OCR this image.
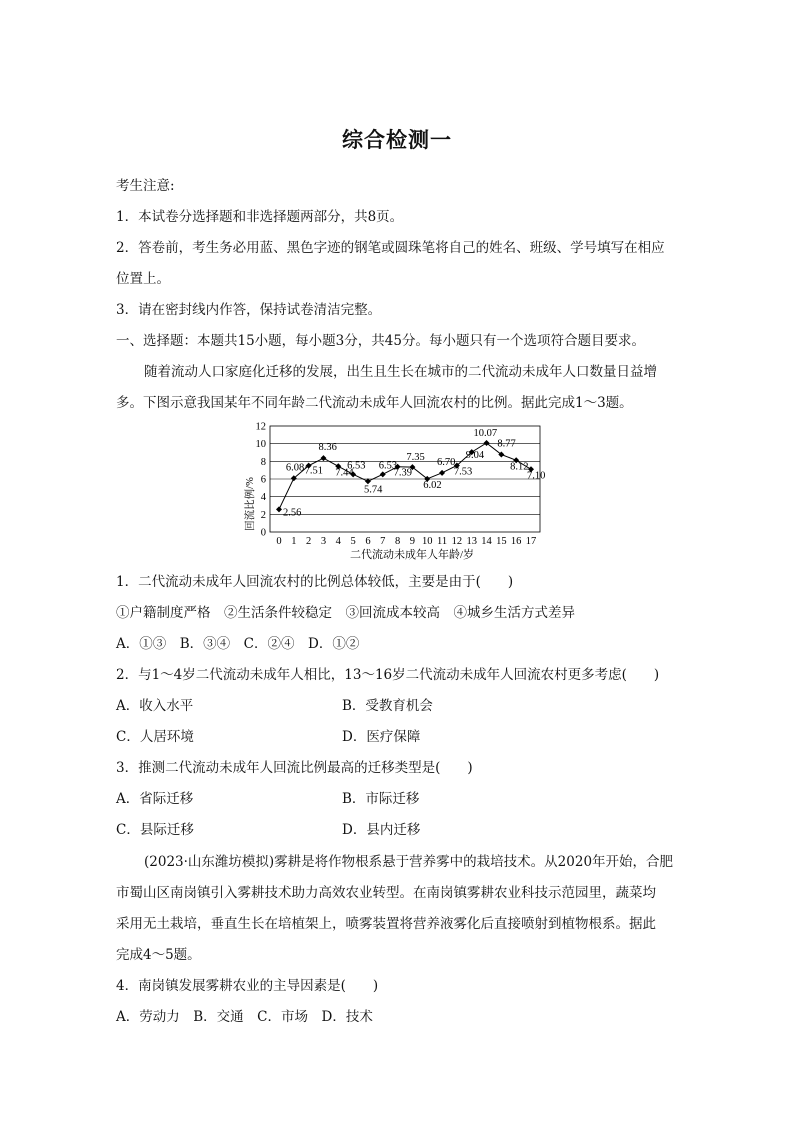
综合检测一
考生注意:
1．本试卷分选择题和非选择题两部分，共8页。
2．答卷前，考生务必用蓝、黑色字迹的钢笔或圆珠笔将自己的姓名、班级、学号填写在相应
位置上。
3．请在密封线内作答，保持试卷清洁完整。
一、选择题：本题共15小题，每小题3分，共45分。每小题只有一个选项符合题目要求。
随着流动人口家庭化迁移的发展，出生且生长在城市的二代流动未成年人口数量日益增
多。下图示意我国某年不同年龄二代流动未成年人回流农村的比例。据此完成1～3题。
0
2
4
6
8
10
12
0 1 2 3 4 5 6 7 8 9 10 11 12 13 14 15 16 17
2.56
6.08 7.51
8.36
7.44
6.53
5.74
6.53
7.39
7.35
6.02
6.70
7.53
9.04
10.07
8.77
8.12
7.10
回流比例/%
二代流动未成年人年龄/岁
1．二代流动未成年人回流农村的比例总体较低，主要是由于(　　)
①户籍制度严格　②生活条件较稳定　③回流成本较高　④城乡生活方式差异
A．①③　B．③④　C．②④　D．①②
2．与1～4岁二代流动未成年人相比，13～16岁二代流动未成年人回流农村更多考虑(　　)
A．收入水平	B．受教育机会
C．人居环境	D．医疗保障
3．推测二代流动未成年人回流比例最高的迁移类型是(　　)
A．省际迁移	B．市际迁移
C．县际迁移	D．县内迁移
(2023·山东潍坊模拟)雾耕是将作物根系悬于营养雾中的栽培技术。从2020年开始，合肥
市蜀山区南岗镇引入雾耕技术助力高效农业转型。在南岗镇雾耕农业科技示范园里，蔬菜均
采用无土栽培，垂直生长在培植架上，喷雾装置将营养液雾化后直接喷射到植物根系。据此
完成4～5题。
4．南岗镇发展雾耕农业的主导因素是(　　)
A．劳动力　B．交通　C．市场　D．技术
